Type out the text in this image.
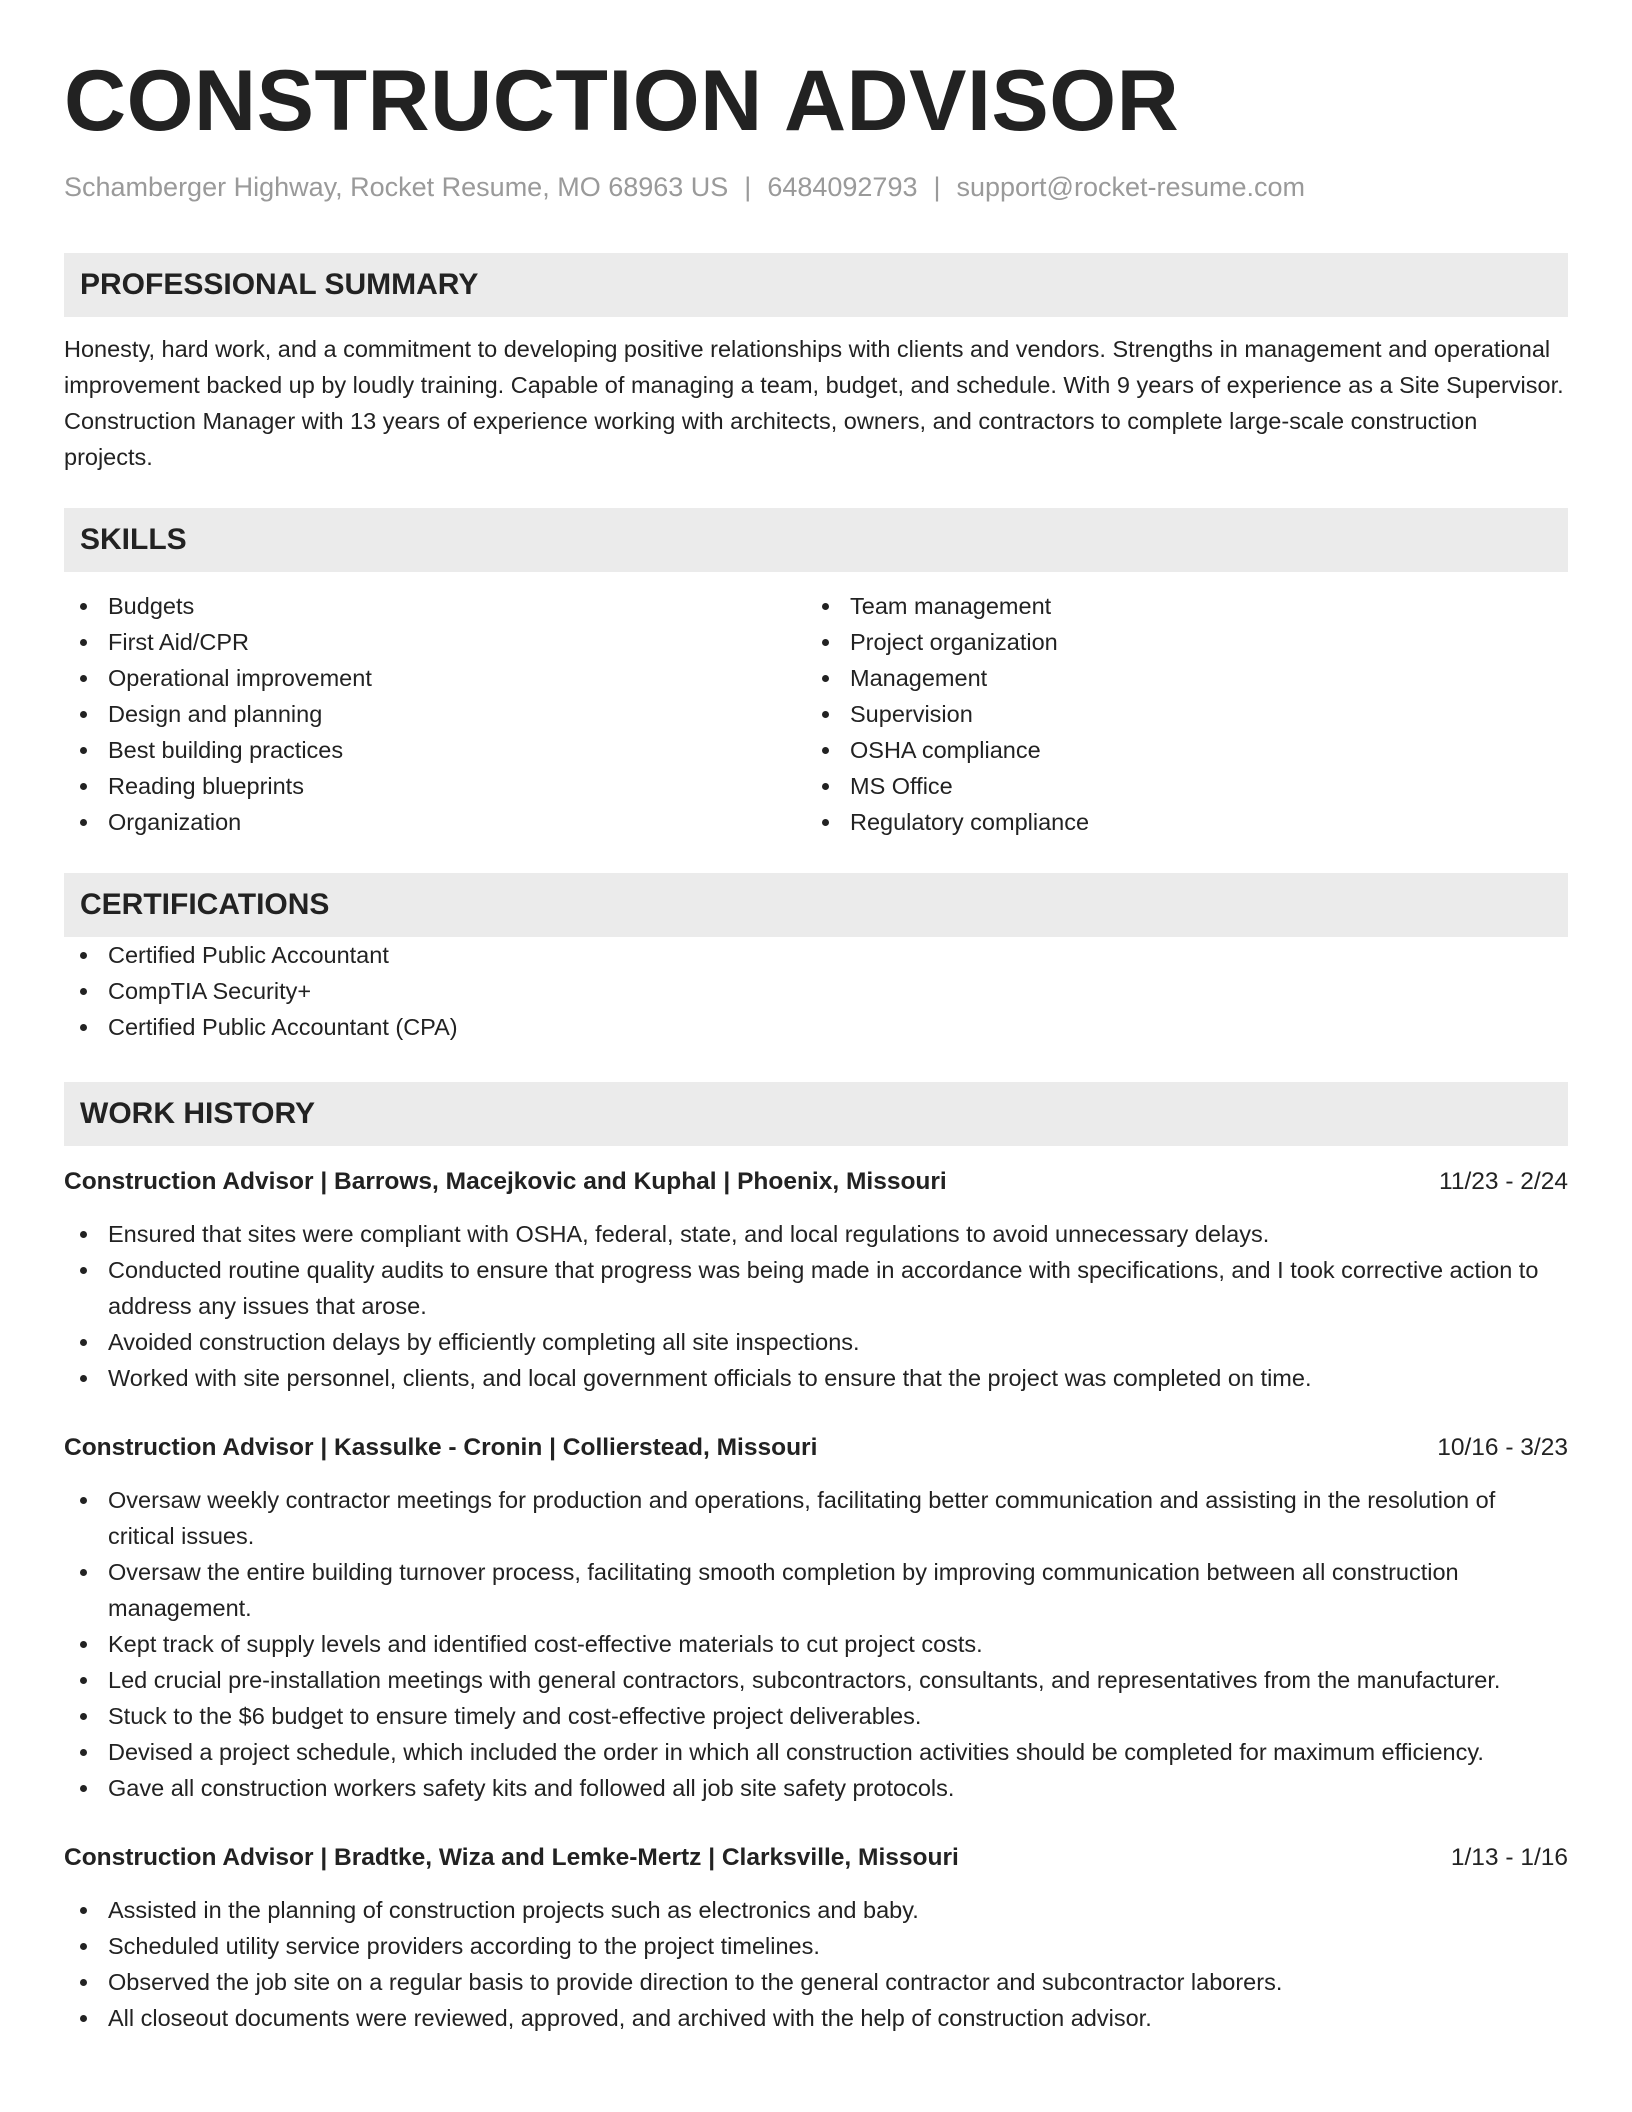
CONSTRUCTION ADVISOR
Schamberger Highway, Rocket Resume, MO 68963 US | 6484092793 | support@rocket-resume.com
PROFESSIONAL SUMMARY

Honesty, hard work, and a commitment to developing positive relationships with clients and vendors. Strengths in management and operational improvement backed up by loudly training. Capable of managing a team, budget, and schedule. With 9 years of experience as a Site Supervisor. Construction Manager with 13 years of experience working with architects, owners, and contractors to complete large-scale construction projects.

SKILLS
Budgets
First Aid/CPR
Operational improvement
Design and planning
Best building practices
Reading blueprints
Organization
Team management
Project organization
Management
Supervision
OSHA compliance
MS Office
Regulatory compliance
CERTIFICATIONS
Certified Public Accountant
CompTIA Security+
Certified Public Accountant (CPA)
WORK HISTORY
Construction Advisor | Barrows, Macejkovic and Kuphal | Phoenix, Missouri	11/23 - 2/24
Ensured that sites were compliant with OSHA, federal, state, and local regulations to avoid unnecessary delays.
Conducted routine quality audits to ensure that progress was being made in accordance with specifications, and I took corrective action to address any issues that arose.
Avoided construction delays by efficiently completing all site inspections.
Worked with site personnel, clients, and local government officials to ensure that the project was completed on time.
Construction Advisor | Kassulke - Cronin | Collierstead, Missouri	10/16 - 3/23
Oversaw weekly contractor meetings for production and operations, facilitating better communication and assisting in the resolution of critical issues.
Oversaw the entire building turnover process, facilitating smooth completion by improving communication between all construction management.
Kept track of supply levels and identified cost-effective materials to cut project costs.
Led crucial pre-installation meetings with general contractors, subcontractors, consultants, and representatives from the manufacturer.
Stuck to the $6 budget to ensure timely and cost-effective project deliverables.
Devised a project schedule, which included the order in which all construction activities should be completed for maximum efficiency.
Gave all construction workers safety kits and followed all job site safety protocols.
Construction Advisor | Bradtke, Wiza and Lemke-Mertz | Clarksville, Missouri	1/13 - 1/16
Assisted in the planning of construction projects such as electronics and baby.
Scheduled utility service providers according to the project timelines.
Observed the job site on a regular basis to provide direction to the general contractor and subcontractor laborers.
All closeout documents were reviewed, approved, and archived with the help of construction advisor.
